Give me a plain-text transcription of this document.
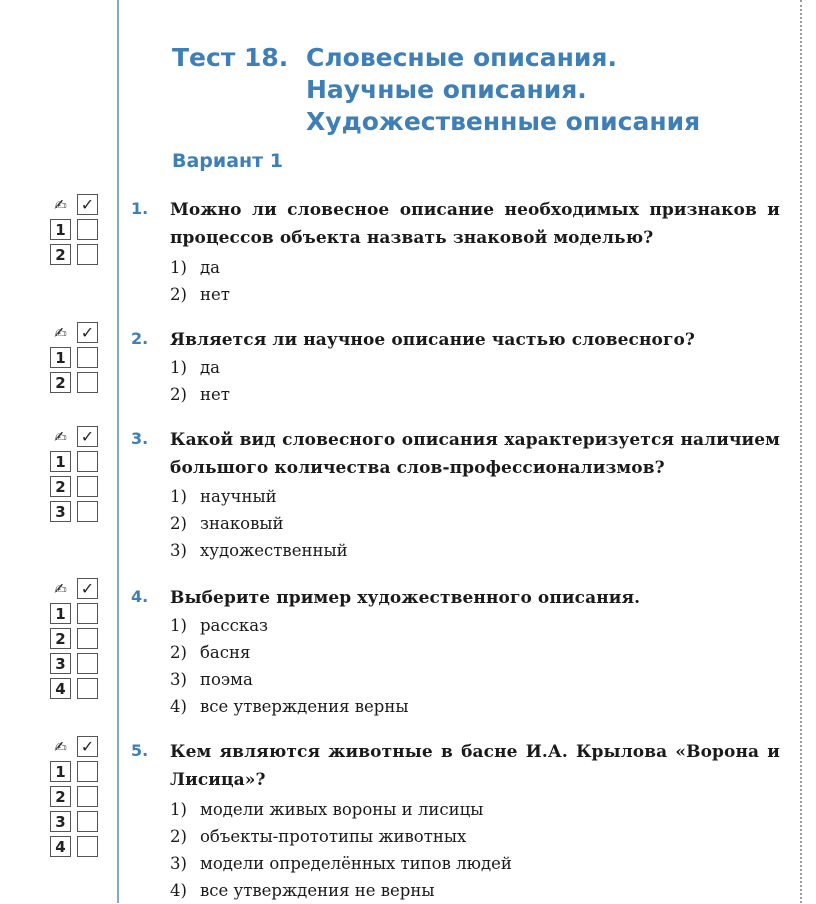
Тест 18. Словесные описания.
Научные описания.
Художественные описания
Вариант 1
✍ ✓
1
2
1. Можно ли словесное описание необходимых признаков и процессов объекта назвать знаковой моделью?
1) да
2) нет
✍ ✓
1
2
2. Является ли научное описание частью словесного?
1) да
2) нет
✍ ✓
1
2
3
3. Какой вид словесного описания характеризуется наличием большого количества слов-профессионализмов?
1) научный
2) знаковый
3) художественный
✍ ✓
1
2
3
4
4. Выберите пример художественного описания.
1) рассказ
2) басня
3) поэма
4) все утверждения верны
✍ ✓
1
2
3
4
5. Кем являются животные в басне И.А. Крылова «Ворона и Лисица»?
1) модели живых вороны и лисицы
2) объекты-прототипы животных
3) модели определённых типов людей
4) все утверждения не верны
